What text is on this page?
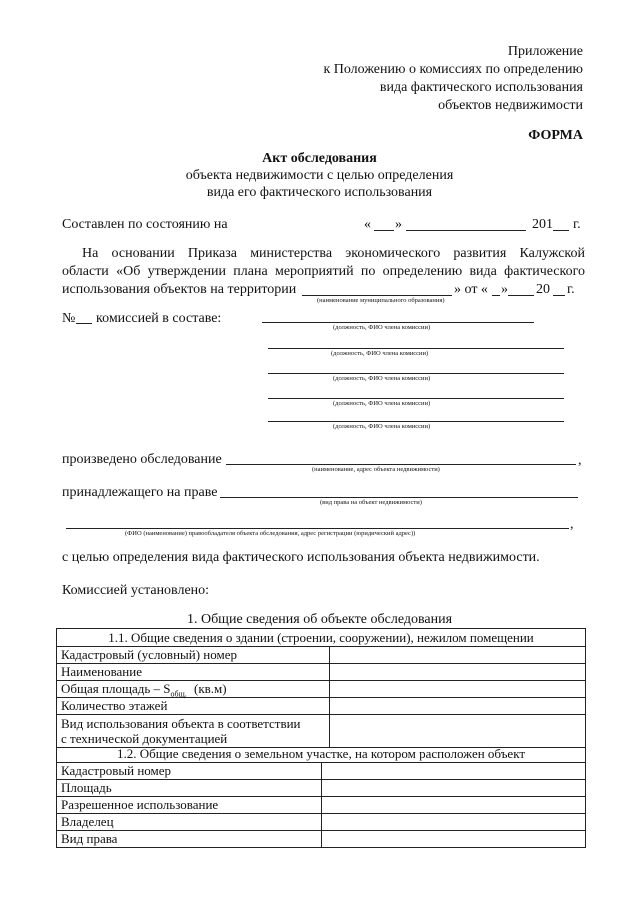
Приложение
к Положению о комиссиях по определению
вида фактического использования
объектов недвижимости
ФОРМА
Акт обследования
объекта недвижимости с целью определения
вида его фактического использования
Составлен по состоянию на	« »	201 г.
На основании Приказа министерства экономического развития Калужской
области «Об утверждении плана мероприятий по определению вида фактического
использования объектов на территории	» от « » 20 г.
(наименование муниципального образования)
№ комиссией в составе:
(должность, ФИО члена комиссии)
(должность, ФИО члена комиссии)
(должность, ФИО члена комиссии)
(должность, ФИО члена комиссии)
(должность, ФИО члена комиссии)
произведено обследование	,
(наименование, адрес объекта недвижимости)
принадлежащего на праве
(вид права на объект недвижимости)
,
(ФИО (наименование) правообладателя объекта обследования, адрес регистрации (юридический адрес))
с целью определения вида фактического использования объекта недвижимости.
Комиссией установлено:
1. Общие сведения об объекте обследования
1.1. Общие сведения о здании (строении, сооружении), нежилом помещении
Кадастровый (условный) номер
Наименование
Общая площадь – $S_{общ.}$ (кв.м)
Количество этажей
Вид использования объекта в соответствии
с технической документацией
1.2. Общие сведения о земельном участке, на котором расположен объект
Кадастровый номер
Площадь
Разрешенное использование
Владелец
Вид права
